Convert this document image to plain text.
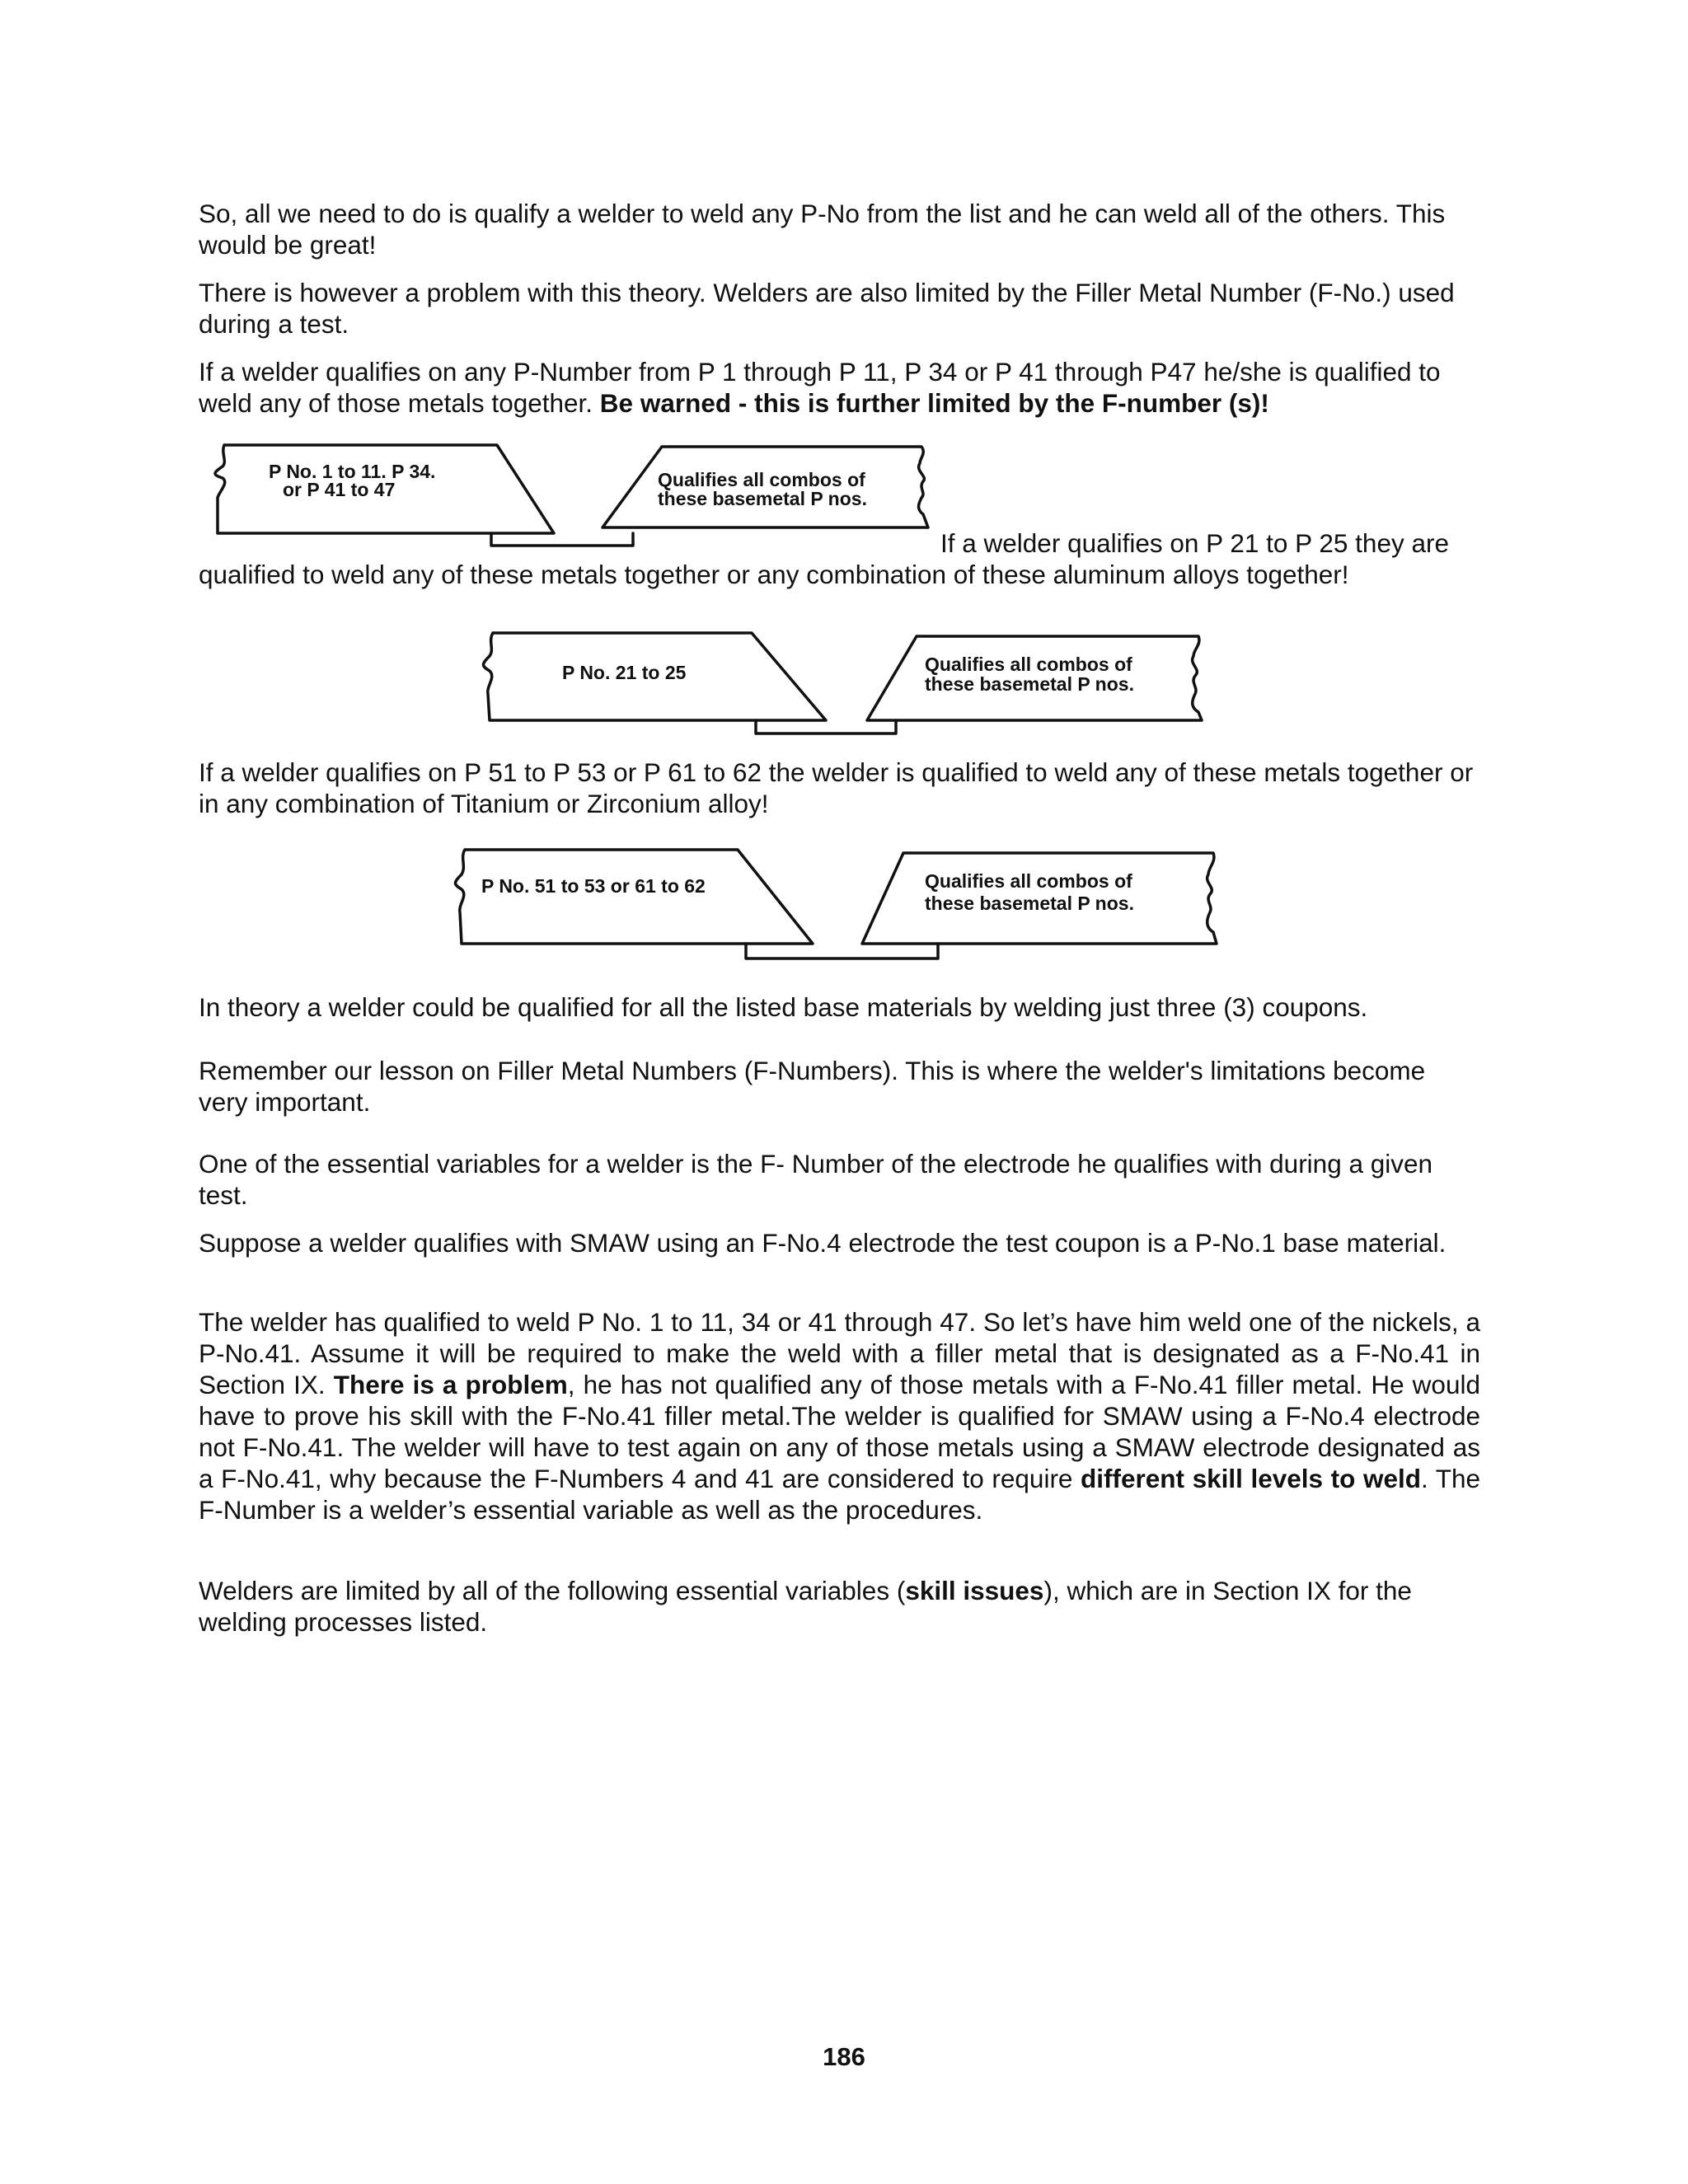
So, all we need to do is qualify a welder to weld any P-No from the list and he can weld all of the others. This would be great!

There is however a problem with this theory. Welders are also limited by the Filler Metal Number (F-No.) used during a test.

If a welder qualifies on any P-Number from P 1 through P 11, P 34 or P 41 through P47 he/she is qualified to weld any of those metals together. Be warned - this is further limited by the F-number (s)!

P No. 1 to 11. P 34.
or P 41 to 47	Qualifies all combos of
these basemetal P nos.

If a welder qualifies on P 21 to P 25 they are qualified to weld any of these metals together or any combination of these aluminum alloys together!

P No. 21 to 25	Qualifies all combos of
these basemetal P nos.

If a welder qualifies on P 51 to P 53 or P 61 to 62 the welder is qualified to weld any of these metals together or in any combination of Titanium or Zirconium alloy!

P No. 51 to 53 or 61 to 62	Qualifies all combos of
these basemetal P nos.

In theory a welder could be qualified for all the listed base materials by welding just three (3) coupons.

Remember our lesson on Filler Metal Numbers (F-Numbers). This is where the welder's limitations become very important.

One of the essential variables for a welder is the F- Number of the electrode he qualifies with during a given test.

Suppose a welder qualifies with SMAW using an F-No.4 electrode the test coupon is a P-No.1 base material.

The welder has qualified to weld P No. 1 to 11, 34 or 41 through 47. So let’s have him weld one of the nickels, a P-No.41. Assume it will be required to make the weld with a filler metal that is designated as a F-No.41 in Section IX. There is a problem, he has not qualified any of those metals with a F-No.41 filler metal. He would have to prove his skill with the F-No.41 filler metal.The welder is qualified for SMAW using a F-No.4 electrode not F-No.41. The welder will have to test again on any of those metals using a SMAW electrode designated as a F-No.41, why because the F-Numbers 4 and 41 are considered to require different skill levels to weld. The F-Number is a welder’s essential variable as well as the procedures.

Welders are limited by all of the following essential variables (skill issues), which are in Section IX for the welding processes listed.

186
